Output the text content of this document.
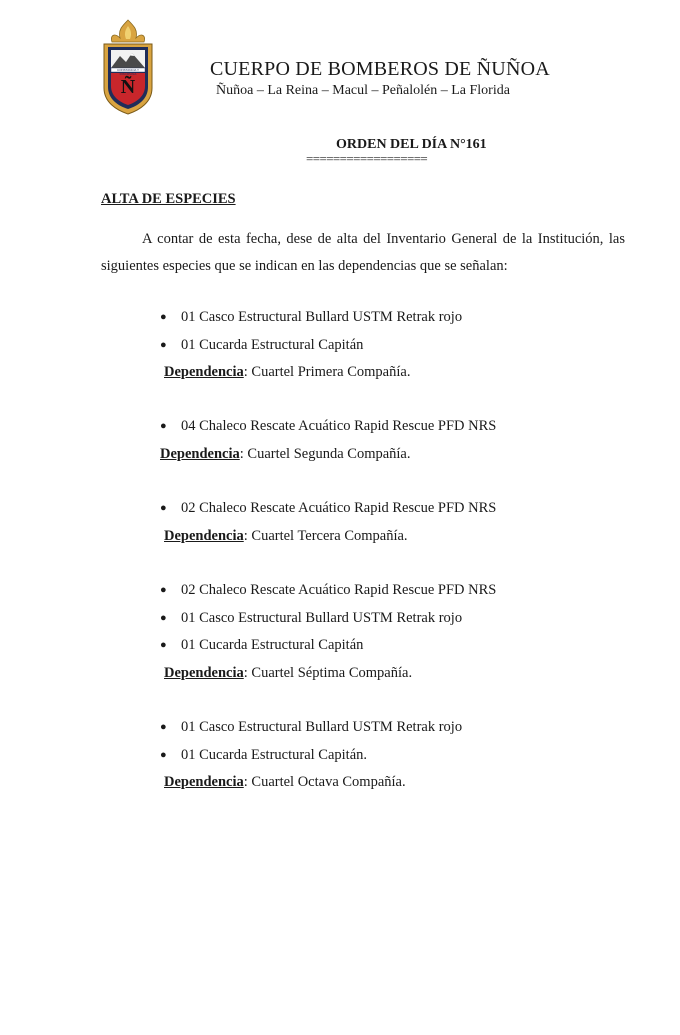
Ñ
CONSTANCIA Y DISCIPLINA	CUERPO DE BOMBEROS DE ÑUÑOA
Ñuñoa – La Reina – Macul – Peñalolén – La Florida
ORDEN DEL DÍA N°161
==================
ALTA DE ESPECIES

A contar de esta fecha, dese de alta del Inventario General de la Institución, las siguientes especies que se indican en las dependencias que se señalan:

● 01 Casco Estructural Bullard USTM Retrak rojo
● 01 Cucarda Estructural Capitán
Dependencia: Cuartel Primera Compañía.
● 04 Chaleco Rescate Acuático Rapid Rescue PFD NRS
Dependencia: Cuartel Segunda Compañía.
● 02 Chaleco Rescate Acuático Rapid Rescue PFD NRS
Dependencia: Cuartel Tercera Compañía.
● 02 Chaleco Rescate Acuático Rapid Rescue PFD NRS
● 01 Casco Estructural Bullard USTM Retrak rojo
● 01 Cucarda Estructural Capitán
Dependencia: Cuartel Séptima Compañía.
● 01 Casco Estructural Bullard USTM Retrak rojo
● 01 Cucarda Estructural Capitán.
Dependencia: Cuartel Octava Compañía.
